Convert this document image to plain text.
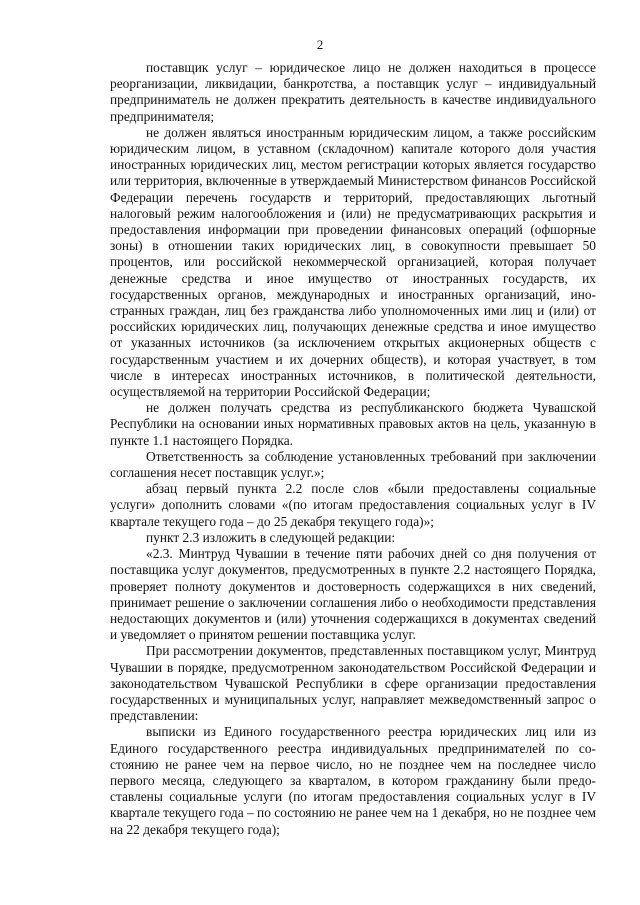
2

поставщик услуг – юридическое лицо не должен находиться в процессе реорганизации, ликвидации, банкротства, а поставщик услуг – индивидуальный предприниматель не должен прекратить деятельность в качестве индивидуального предпринимателя;

не должен являться иностранным юридическим лицом, а также российским юридическим лицом, в уставном (складочном) капитале которого доля участия иностранных юридических лиц, местом регистрации которых является государство или территория, включенные в утверждаемый Министерством финансов Российской Федерации перечень государств и территорий, предоставляющих льготный налоговый режим налогообложения и (или) не предусматривающих раскрытия и предоставления информации при проведении финансовых операций (офшорные зоны) в отношении таких юридических лиц, в совокупности превышает 50 процентов, или российской некоммерческой организацией, которая получает денежные средства и иное имущество от иностранных государств, их государственных органов, международных и иностранных организаций, иностранных граждан, лиц без гражданства либо уполномоченных ими лиц и (или) от российских юридических лиц, получающих денежные средства и иное имущество от указанных источников (за исключением открытых акционерных обществ с государственным участием и их дочерних обществ), и которая участвует, в том числе в интересах иностранных источников, в политической деятельности, осуществляемой на территории Российской Федерации;

не должен получать средства из республиканского бюджета Чувашской Республики на основании иных нормативных правовых актов на цель, указанную в пункте 1.1 настоящего Порядка.

Ответственность за соблюдение установленных требований при заключении соглашения несет поставщик услуг.»;

абзац первый пункта 2.2 после слов «были предоставлены социальные услуги» дополнить словами «(по итогам предоставления социальных услуг в IV квартале текущего года – до 25 декабря текущего года)»;

пункт 2.3 изложить в следующей редакции:

«2.3. Минтруд Чувашии в течение пяти рабочих дней со дня получения от поставщика услуг документов, предусмотренных в пункте 2.2 настоящего Порядка, проверяет полноту документов и достоверность содержащихся в них сведений, принимает решение о заключении соглашения либо о необходимости представления недостающих документов и (или) уточнения содержащихся в документах сведений и уведомляет о принятом решении поставщика услуг.

При рассмотрении документов, представленных поставщиком услуг, Минтруд Чувашии в порядке, предусмотренном законодательством Российской Федерации и законодательством Чувашской Республики в сфере организации предоставления государственных и муниципальных услуг, направляет межведомственный запрос о представлении:

выписки из Единого государственного реестра юридических лиц или из Единого государственного реестра индивидуальных предпринимателей по состоянию не ранее чем на первое число, но не позднее чем на последнее число первого месяца, следующего за кварталом, в котором гражданину были предоставлены социальные услуги (по итогам предоставления социальных услуг в IV квартале текущего года – по состоянию не ранее чем на 1 декабря, но не позднее чем на 22 декабря текущего года);
